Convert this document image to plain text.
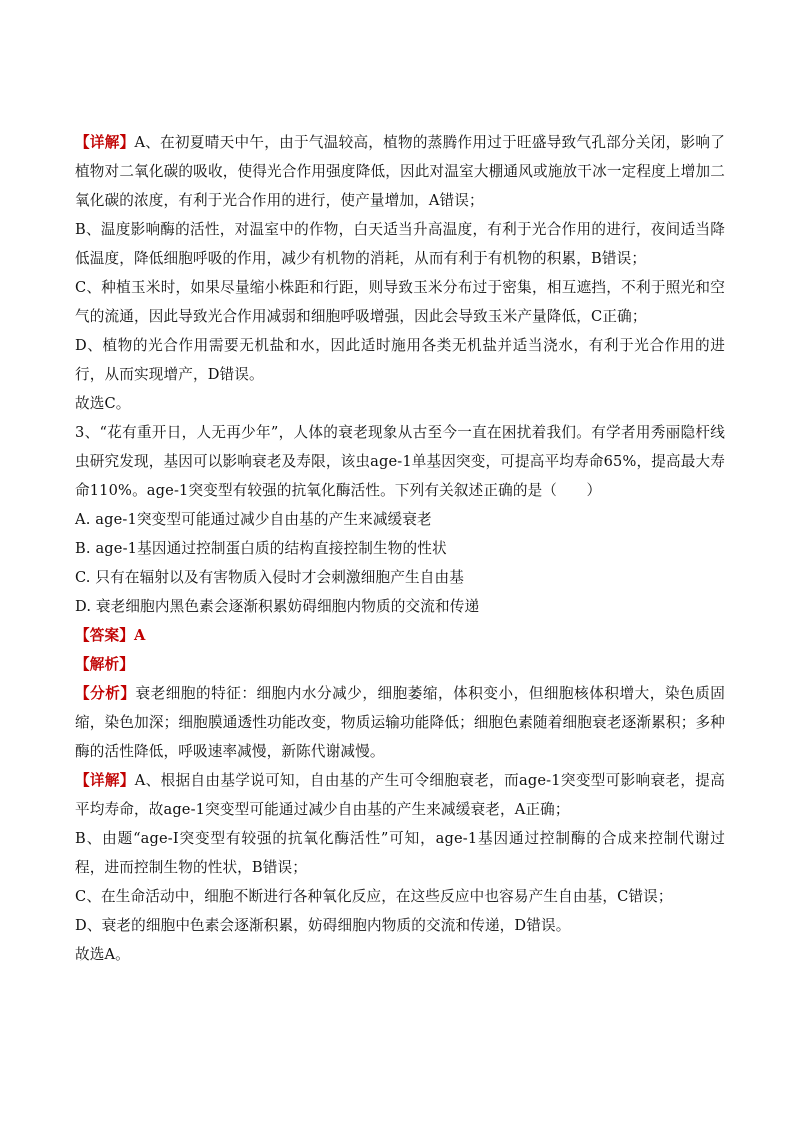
【详解】A、在初夏晴天中午，由于气温较高，植物的蒸腾作用过于旺盛导致气孔部分关闭，影响了植物对二氧化碳的吸收，使得光合作用强度降低，因此对温室大棚通风或施放干冰一定程度上增加二氧化碳的浓度，有利于光合作用的进行，使产量增加，A错误；

B、温度影响酶的活性，对温室中的作物，白天适当升高温度，有利于光合作用的进行，夜间适当降低温度，降低细胞呼吸的作用，减少有机物的消耗，从而有利于有机物的积累，B错误；

C、种植玉米时，如果尽量缩小株距和行距，则导致玉米分布过于密集，相互遮挡，不利于照光和空气的流通，因此导致光合作用减弱和细胞呼吸增强，因此会导致玉米产量降低，C正确；

D、植物的光合作用需要无机盐和水，因此适时施用各类无机盐并适当浇水，有利于光合作用的进行，从而实现增产，D错误。

故选C。

3、“花有重开日，人无再少年”，人体的衰老现象从古至今一直在困扰着我们。有学者用秀丽隐杆线虫研究发现，基因可以影响衰老及寿限，该虫age-1单基因突变，可提高平均寿命65%，提高最大寿命110%。age-1突变型有较强的抗氧化酶活性。下列有关叙述正确的是（　　）

A. age-1突变型可能通过减少自由基的产生来减缓衰老

B. age-1基因通过控制蛋白质的结构直接控制生物的性状

C. 只有在辐射以及有害物质入侵时才会刺激细胞产生自由基

D. 衰老细胞内黑色素会逐渐积累妨碍细胞内物质的交流和传递

【答案】A

【解析】

【分析】衰老细胞的特征：细胞内水分减少，细胞萎缩，体积变小，但细胞核体积增大，染色质固缩，染色加深；细胞膜通透性功能改变，物质运输功能降低；细胞色素随着细胞衰老逐渐累积；多种酶的活性降低，呼吸速率减慢，新陈代谢减慢。

【详解】A、根据自由基学说可知，自由基的产生可令细胞衰老，而age-1突变型可影响衰老，提高平均寿命，故age-1突变型可能通过减少自由基的产生来减缓衰老，A正确；

B、由题“age-I突变型有较强的抗氧化酶活性”可知，age-1基因通过控制酶的合成来控制代谢过程，进而控制生物的性状，B错误；

C、在生命活动中，细胞不断进行各种氧化反应，在这些反应中也容易产生自由基，C错误；

D、衰老的细胞中色素会逐渐积累，妨碍细胞内物质的交流和传递，D错误。

故选A。
